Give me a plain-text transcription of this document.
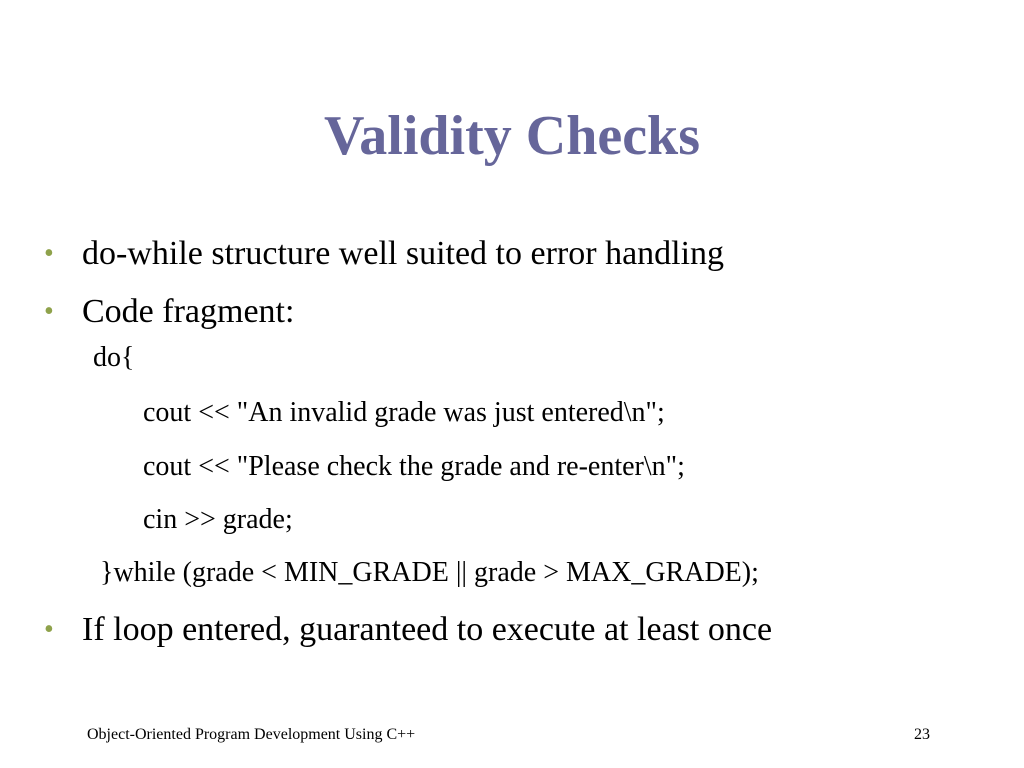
Validity Checks
• do-while structure well suited to error handling
• Code fragment:
do{
cout << "An invalid grade was just entered\n";
cout << "Please check the grade and re-enter\n";
cin >> grade;
}while (grade < MIN_GRADE || grade > MAX_GRADE);
• If loop entered, guaranteed to execute at least once
Object-Oriented Program Development Using C++	23
